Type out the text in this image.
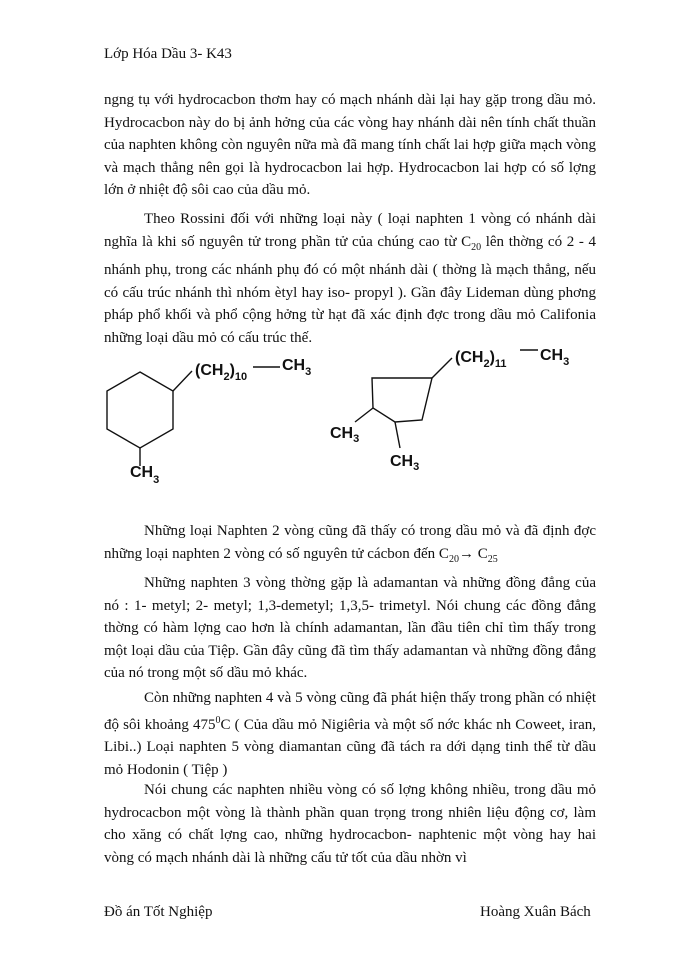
Lớp Hóa Dầu 3- K43

ngng tụ với hydrocacbon thơm hay có mạch nhánh dài lại hay gặp trong dầu mỏ. Hydrocacbon này do bị ảnh hởng của các vòng hay nhánh dài nên tính chất thuần của naphten không còn nguyên nữa mà đã mang tính chất lai hợp giữa mạch vòng và mạch thẳng nên gọi là hydrocacbon lai hợp. Hydrocacbon lai hợp có số lợng lớn ở nhiệt độ sôi cao của dầu mỏ.

Theo Rossini đối với những loại này ( loại naphten 1 vòng có nhánh dài nghĩa là khi số nguyên tử trong phần tử của chúng cao từ $C_{20}$ lên thờng có 2 - 4 nhánh phụ, trong các nhánh phụ đó có một nhánh dài ( thờng là mạch thẳng, nếu có cấu trúc nhánh thì nhóm ètyl hay iso- propyl ). Gần đây Lideman dùng phơng pháp phổ khối và phổ cộng hởng từ hạt đã xác định đợc trong dầu mỏ Califonia những loại dầu mỏ có cấu trúc thế.

$(CH_2)_{10}$
$CH_3$
$CH_3$
$(CH_2)_{11}$ $CH_3$
$CH_3$
$CH_3$

Những loại Naphten 2 vòng cũng đã thấy có trong dầu mỏ và đã định đợc những loại naphten 2 vòng có số nguyên tử cácbon đến $C_{20}\to C_{25}$

Những naphten 3 vòng thờng gặp là adamantan và những đồng đẳng của nó : 1- metyl; 2- metyl; 1,3-demetyl; 1,3,5- trimetyl. Nói chung các đồng đẳng thờng có hàm lợng cao hơn là chính adamantan, lần đầu tiên chỉ tìm thấy trong một loại dầu của Tiệp. Gần đây cũng đã tìm thấy adamantan và những đồng đẳng của nó trong một số dầu mỏ khác.

Còn những naphten 4 và 5 vòng cũng đã phát hiện thấy trong phần có nhiệt độ sôi khoảng $475^0C$ ( Của dầu mỏ Nigiêria và một số nớc khác nh Coweet, iran, Libi..) Loại naphten 5 vòng diamantan cũng đã tách ra dới dạng tinh thể từ dầu mỏ Hodonin ( Tiệp )

Nói chung các naphten nhiều vòng có số lợng không nhiều, trong dầu mỏ hydrocacbon một vòng là thành phần quan trọng trong nhiên liệu động cơ, làm cho xăng có chất lợng cao, những hydrocacbon- naphtenic một vòng hay hai vòng có mạch nhánh dài là những cấu tử tốt của dầu nhờn vì

Đồ án Tốt Nghiệp	Hoàng Xuân Bách
